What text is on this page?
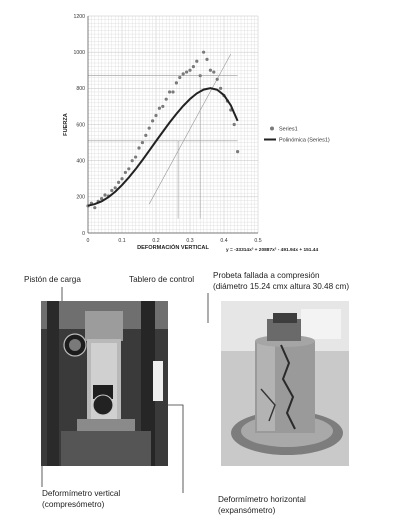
0	0.1	0.2	0.3	0.4	0.5
0
200
400
600
800
1000
1200
DEFORMACIÓN VERTICAL
FUERZA	Series1
Polinómica (Series1)
y = -33314x³ + 20887x² - 491.94x + 151.44
Pistón de carga	Tablero de control Probeta fallada a compresión
(diámetro 15.24 cmx altura 30.48 cm)
Deformímetro vertical
(compresómetro)
Deformímetro horizontal
(expansómetro)
